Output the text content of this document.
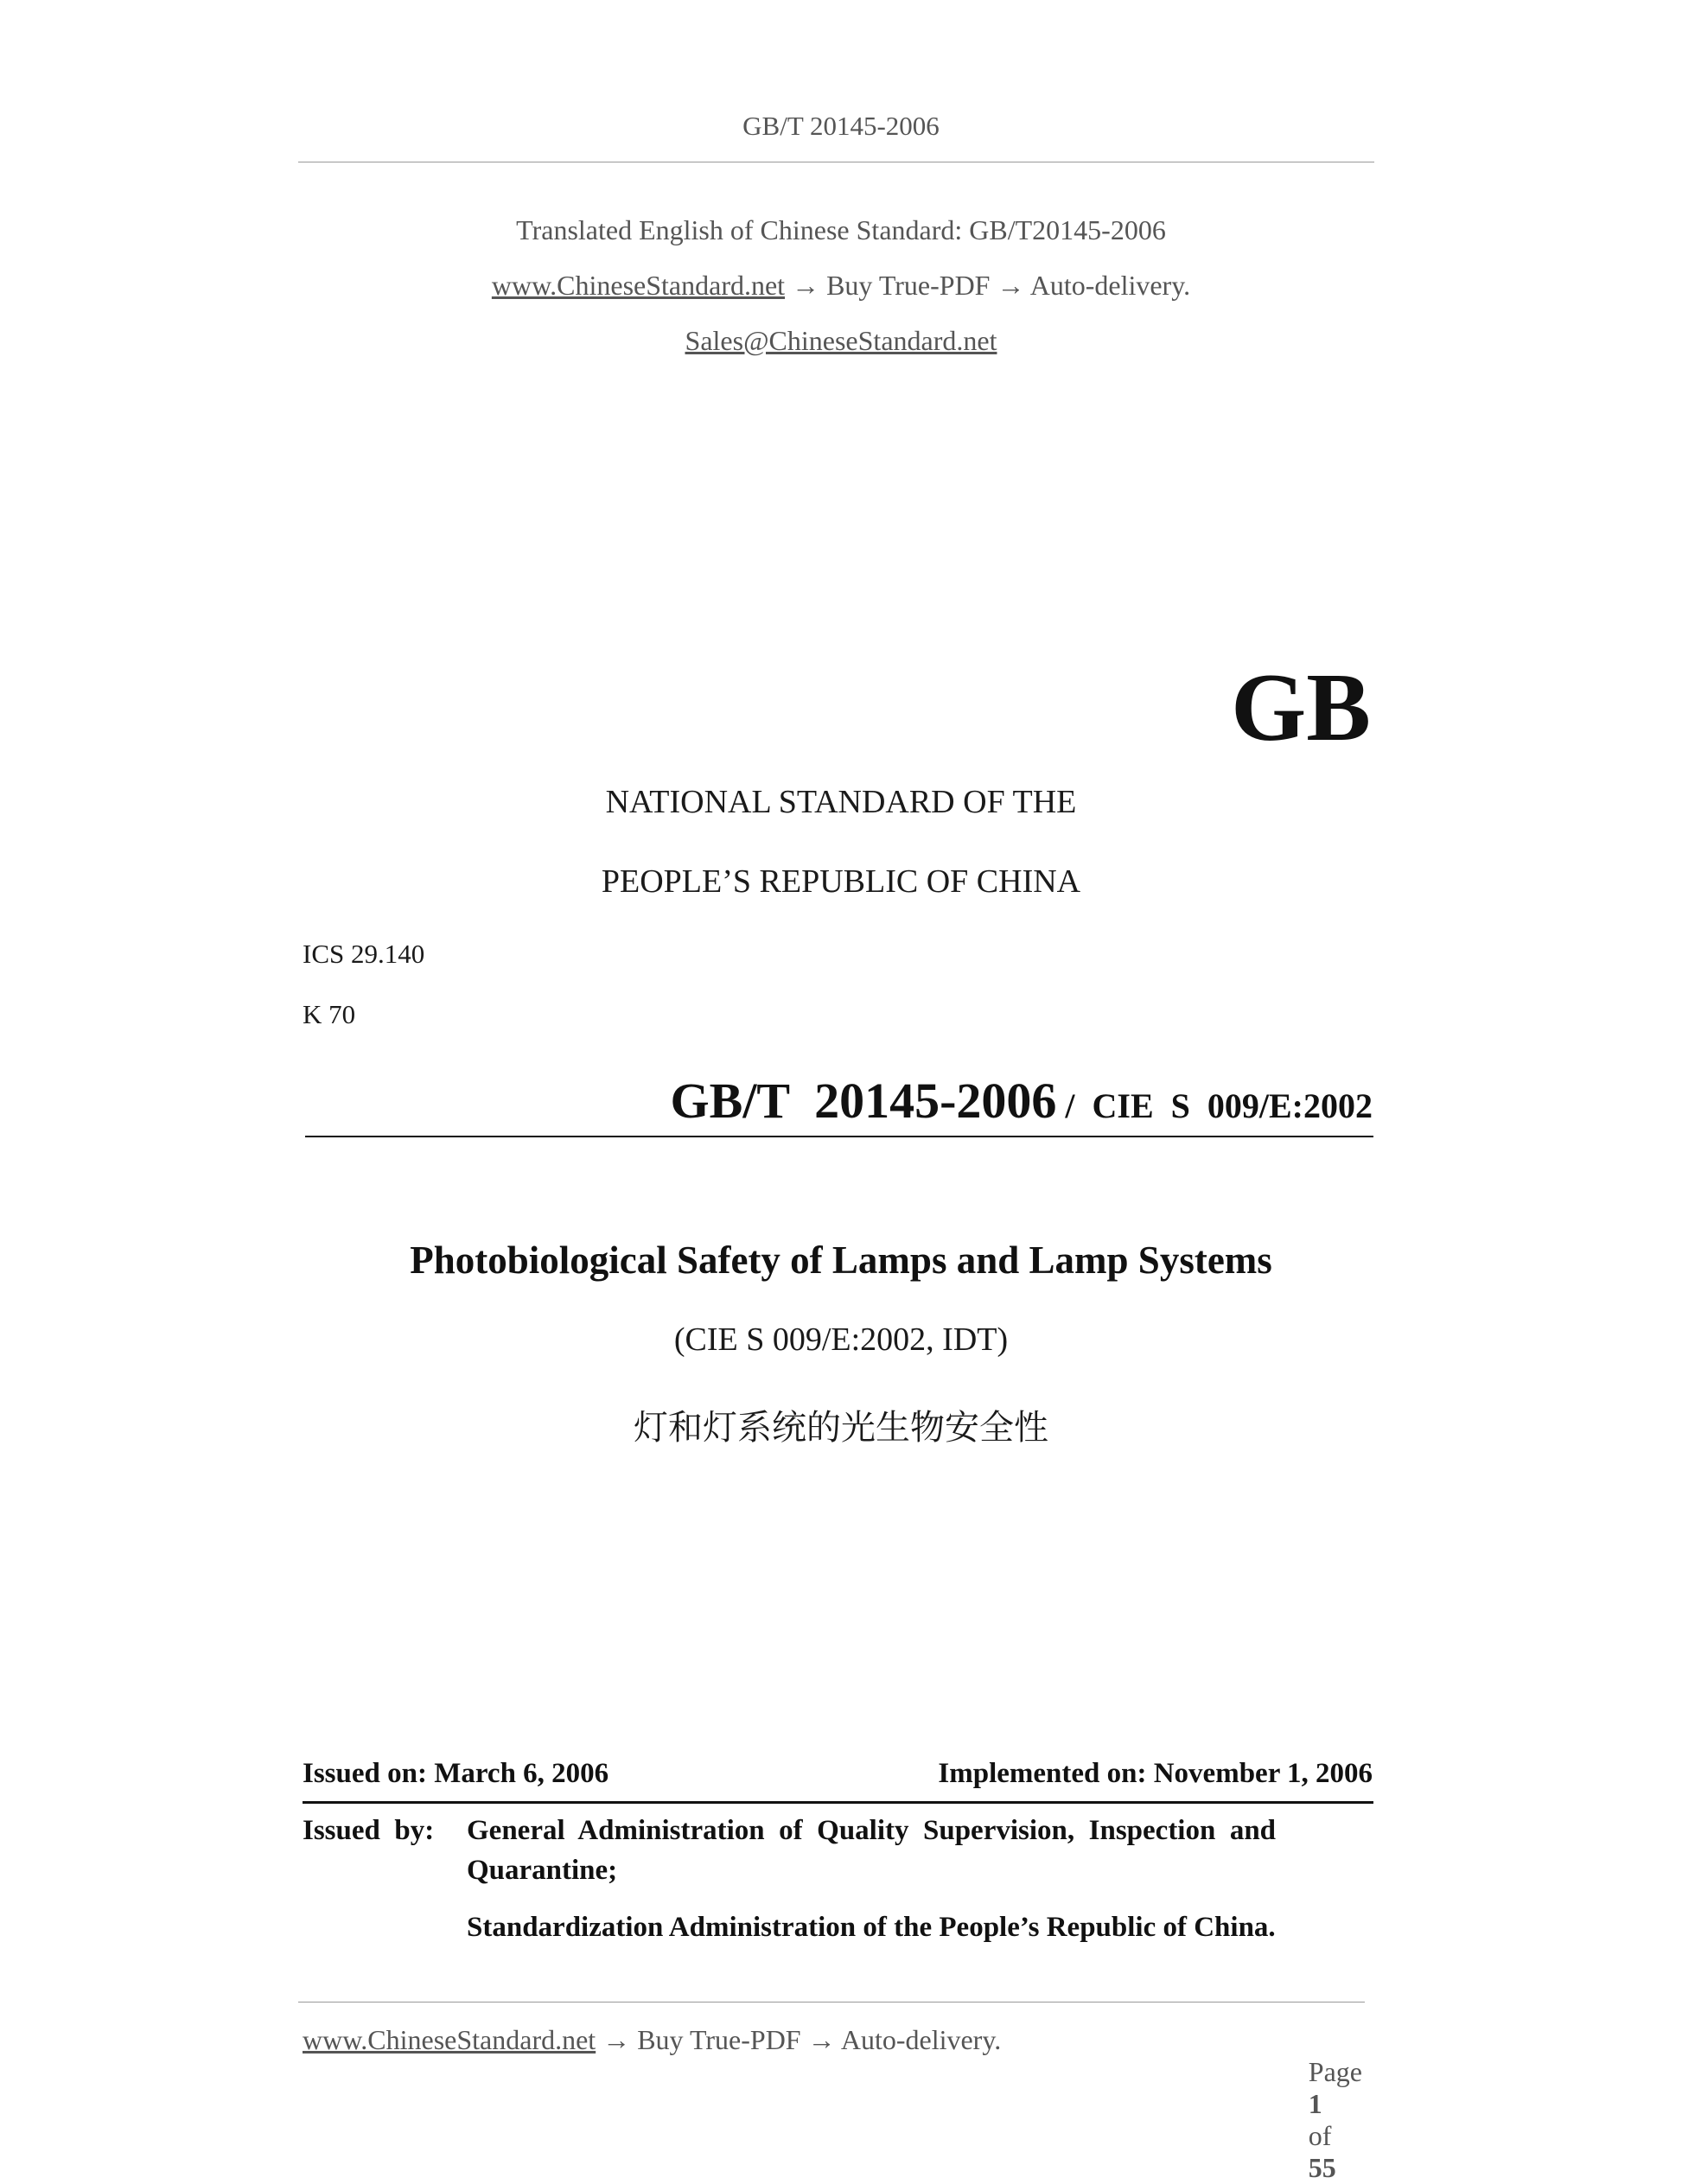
GB/T 20145-2006
Translated English of Chinese Standard: GB/T20145-2006
www.ChineseStandard.net → Buy True-PDF → Auto-delivery.
Sales@ChineseStandard.net
GB
NATIONAL STANDARD OF THE
PEOPLE’S REPUBLIC OF CHINA
ICS 29.140
K 70

GB/T  20145-2006 /  CIE  S  009/E:2002

Photobiological Safety of Lamps and Lamp Systems
(CIE S 009/E:2002, IDT)
灯和灯系统的光生物安全性
Issued on: March 6, 2006	Implemented on: November 1, 2006
Issued  by: General  Administration  of  Quality  Supervision,  Inspection  and
Quarantine;
Standardization Administration of the People’s Republic of China.
www.ChineseStandard.net → Buy True-PDF → Auto-delivery.

Page
1
of
55
